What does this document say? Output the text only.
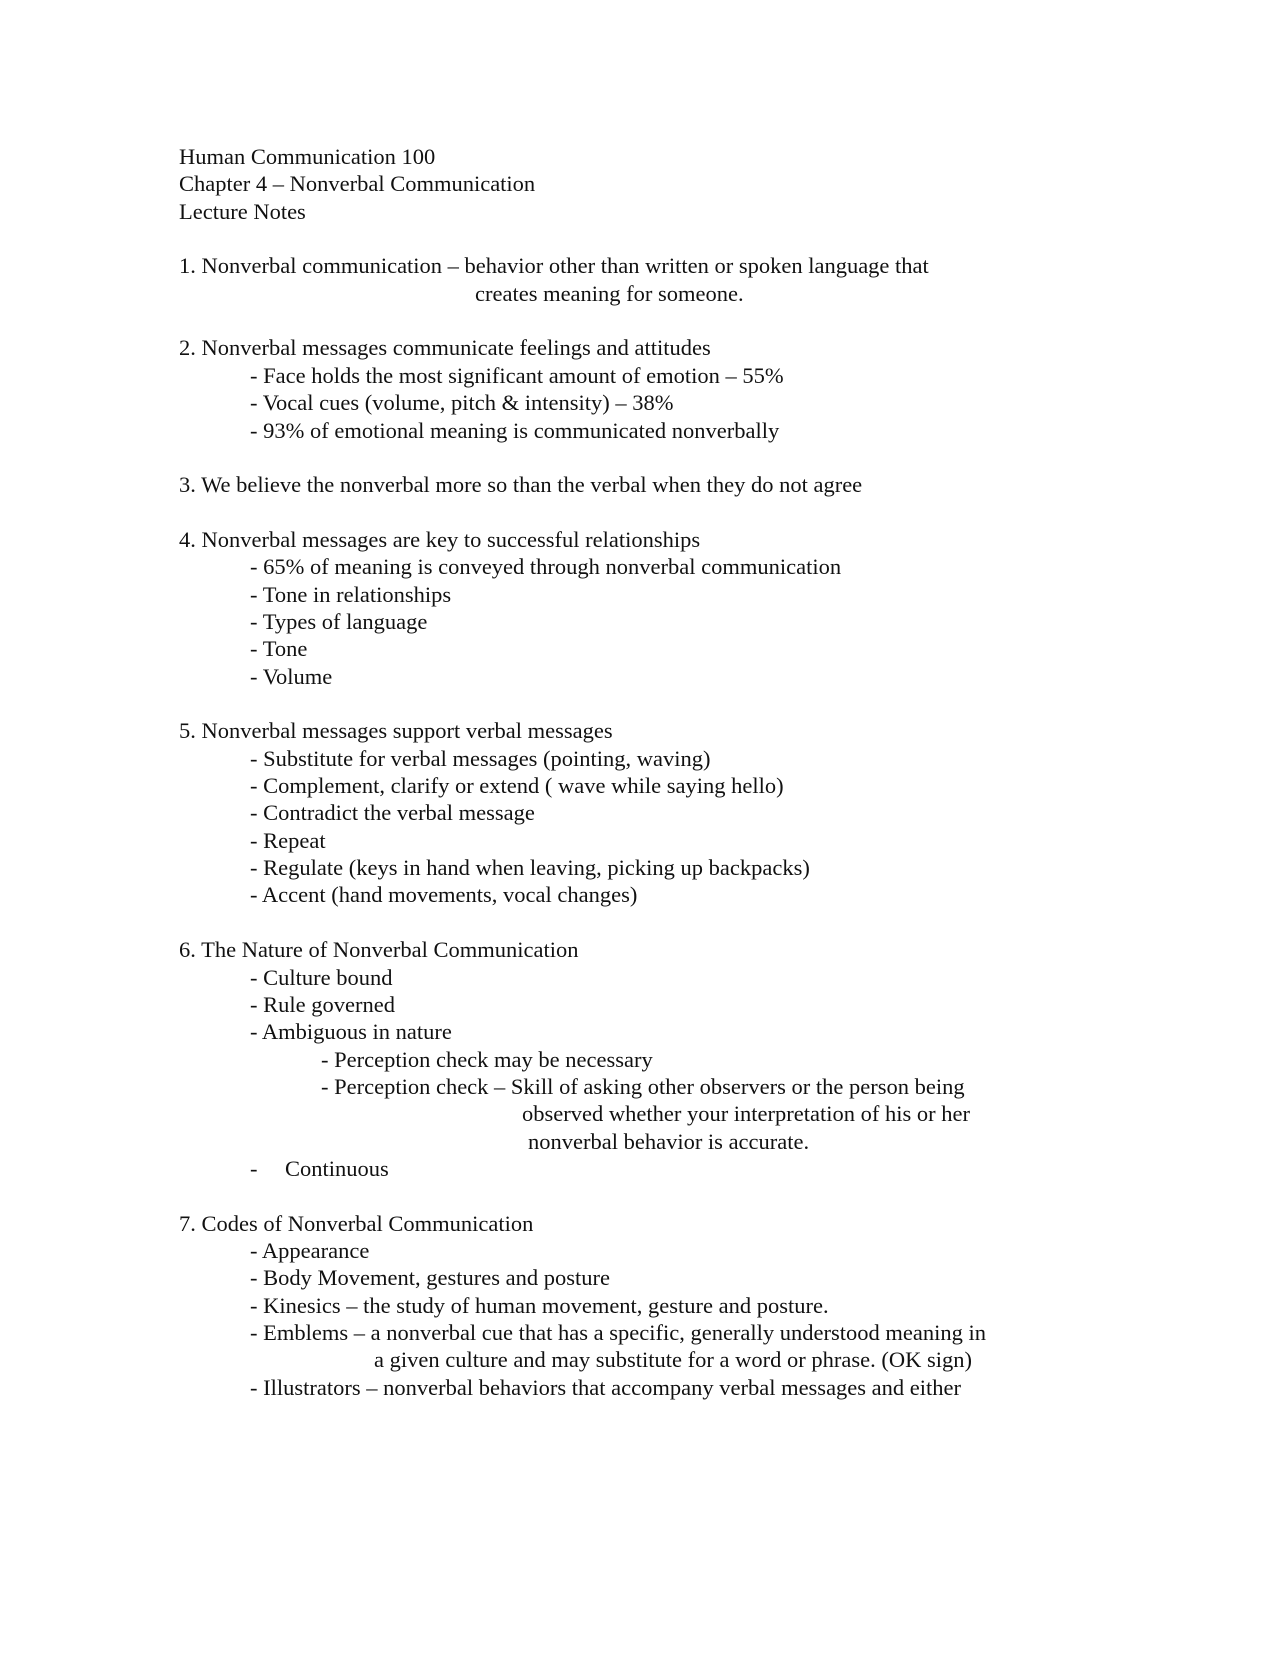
Human Communication 100
Chapter 4 – Nonverbal Communication
Lecture Notes
1. Nonverbal communication – behavior other than written or spoken language that
creates meaning for someone.
2. Nonverbal messages communicate feelings and attitudes
- Face holds the most significant amount of emotion – 55%
- Vocal cues (volume, pitch & intensity) – 38%
- 93% of emotional meaning is communicated nonverbally
3. We believe the nonverbal more so than the verbal when they do not agree
4. Nonverbal messages are key to successful relationships
- 65% of meaning is conveyed through nonverbal communication
- Tone in relationships
- Types of language
- Tone
- Volume
5. Nonverbal messages support verbal messages
- Substitute for verbal messages (pointing, waving)
- Complement, clarify or extend ( wave while saying hello)
- Contradict the verbal message
- Repeat
- Regulate (keys in hand when leaving, picking up backpacks)
- Accent (hand movements, vocal changes)
6. The Nature of Nonverbal Communication
- Culture bound
- Rule governed
- Ambiguous in nature
- Perception check may be necessary
- Perception check – Skill of asking other observers or the person being
observed whether your interpretation of his or her
nonverbal behavior is accurate.
- Continuous
7. Codes of Nonverbal Communication
- Appearance
- Body Movement, gestures and posture
- Kinesics – the study of human movement, gesture and posture.
- Emblems – a nonverbal cue that has a specific, generally understood meaning in
a given culture and may substitute for a word or phrase. (OK sign)
- Illustrators – nonverbal behaviors that accompany verbal messages and either
